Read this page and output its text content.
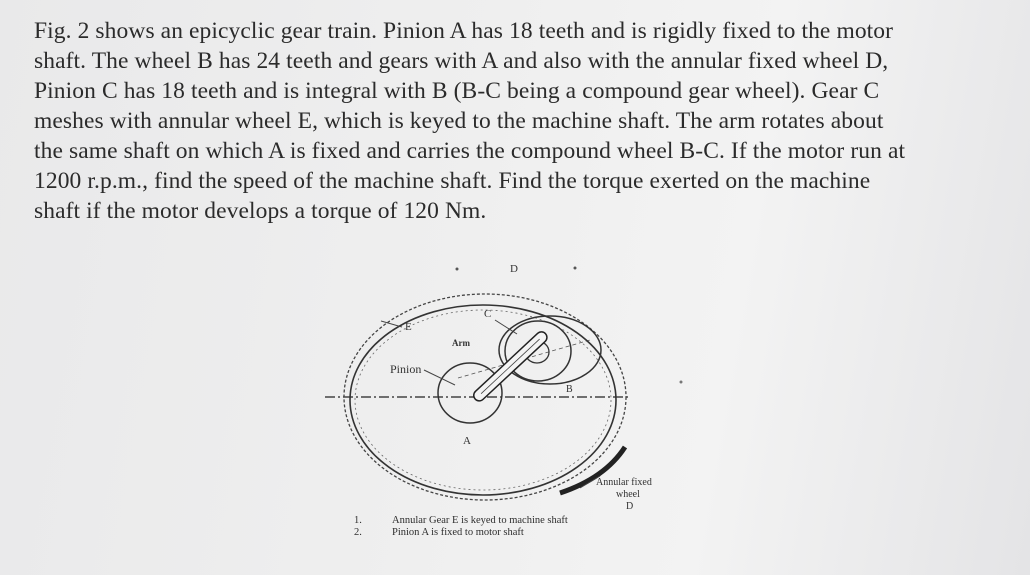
Fig. 2 shows an epicyclic gear train. Pinion A has 18 teeth and is rigidly fixed to the motor
shaft. The wheel B has 24 teeth and gears with A and also with the annular fixed wheel D,
Pinion C has 18 teeth and is integral with B (B-C being a compound gear wheel). Gear C
meshes with annular wheel E, which is keyed to the machine shaft. The arm rotates about
the same shaft on which A is fixed and carries the compound wheel B-C. If the motor run at
1200 r.p.m., find the speed of the machine shaft. Find the torque exerted on the machine
shaft if the motor develops a torque of 120 Nm.
D
C
E
Arm
Pinion
B
A
Annular fixed
wheel
D
1.	Annular Gear E is keyed to machine shaft
2.	Pinion A is fixed to motor shaft
